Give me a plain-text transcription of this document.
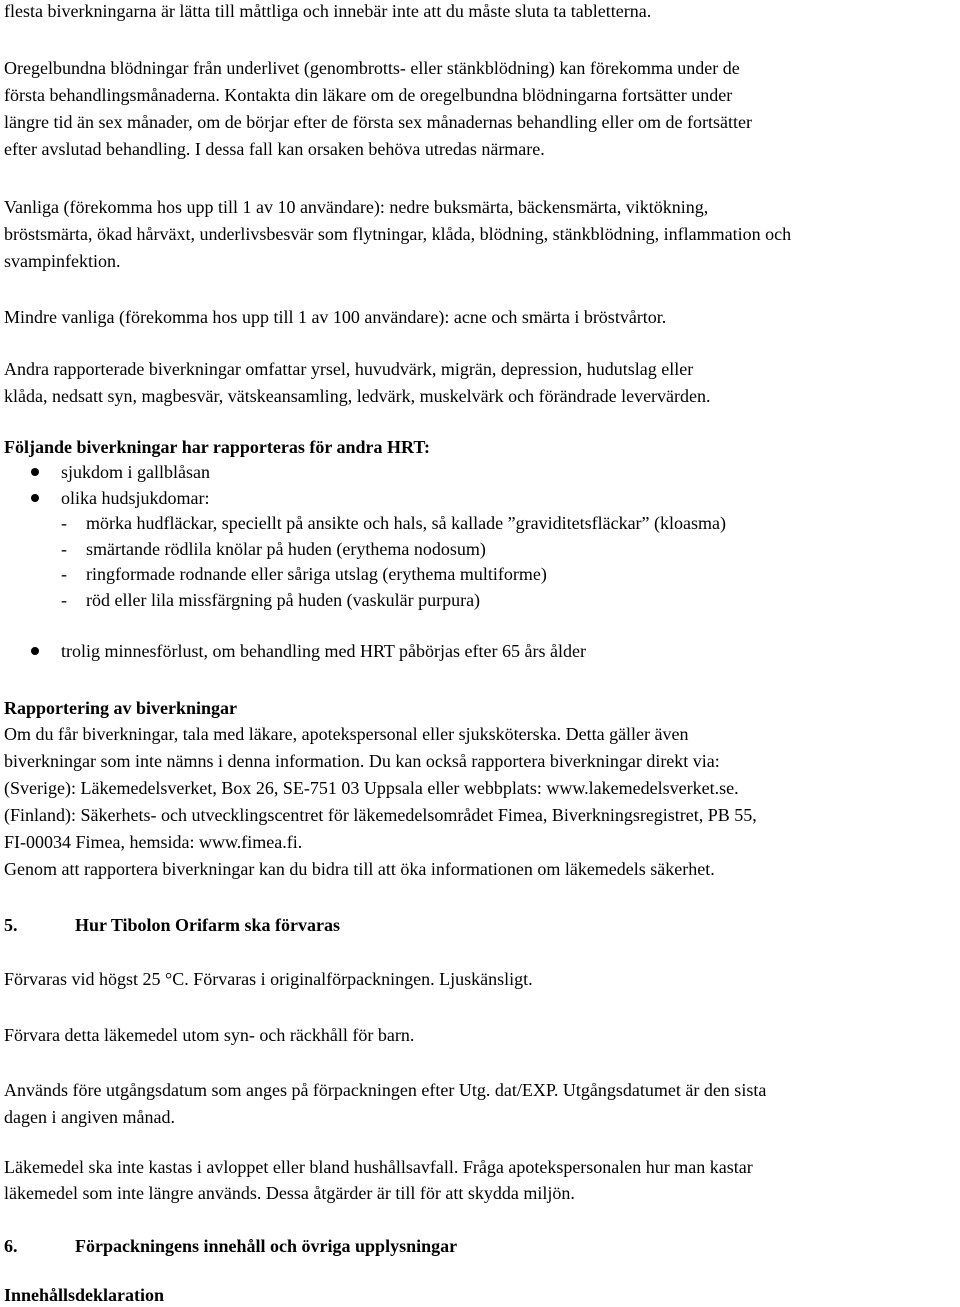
flesta biverkningarna är lätta till måttliga och innebär inte att du måste sluta ta tabletterna.
Oregelbundna blödningar från underlivet (genombrotts- eller stänkblödning) kan förekomma under de
första behandlingsmånaderna. Kontakta din läkare om de oregelbundna blödningarna fortsätter under
längre tid än sex månader, om de börjar efter de första sex månadernas behandling eller om de fortsätter
efter avslutad behandling. I dessa fall kan orsaken behöva utredas närmare.
Vanliga (förekomma hos upp till 1 av 10 användare): nedre buksmärta, bäckensmärta, viktökning,
bröstsmärta, ökad hårväxt, underlivsbesvär som flytningar, klåda, blödning, stänkblödning, inflammation och
svampinfektion.
Mindre vanliga (förekomma hos upp till 1 av 100 användare): acne och smärta i bröstvårtor.
Andra rapporterade biverkningar omfattar yrsel, huvudvärk, migrän, depression, hudutslag eller
klåda, nedsatt syn, magbesvär, vätskeansamling, ledvärk, muskelvärk och förändrade levervärden.
Följande biverkningar har rapporteras för andra HRT:
sjukdom i gallblåsan
olika hudsjukdomar:
- mörka hudfläckar, speciellt på ansikte och hals, så kallade ”graviditetsfläckar” (kloasma)
- smärtande rödlila knölar på huden (erythema nodosum)
- ringformade rodnande eller såriga utslag (erythema multiforme)
- röd eller lila missfärgning på huden (vaskulär purpura)
trolig minnesförlust, om behandling med HRT påbörjas efter 65 års ålder
Rapportering av biverkningar
Om du får biverkningar, tala med läkare, apotekspersonal eller sjuksköterska. Detta gäller även
biverkningar som inte nämns i denna information. Du kan också rapportera biverkningar direkt via:
(Sverige): Läkemedelsverket, Box 26, SE-751 03 Uppsala eller webbplats: www.lakemedelsverket.se.
(Finland): Säkerhets- och utvecklingscentret för läkemedelsområdet Fimea, Biverkningsregistret, PB 55,
FI-00034 Fimea, hemsida: www.fimea.fi.
Genom att rapportera biverkningar kan du bidra till att öka informationen om läkemedels säkerhet.
5.	Hur Tibolon Orifarm ska förvaras
Förvaras vid högst 25 °C. Förvaras i originalförpackningen. Ljuskänsligt.
Förvara detta läkemedel utom syn- och räckhåll för barn.
Används före utgångsdatum som anges på förpackningen efter Utg. dat/EXP. Utgångsdatumet är den sista
dagen i angiven månad.
Läkemedel ska inte kastas i avloppet eller bland hushållsavfall. Fråga apotekspersonalen hur man kastar
läkemedel som inte längre används. Dessa åtgärder är till för att skydda miljön.
6.	Förpackningens innehåll och övriga upplysningar
Innehållsdeklaration
